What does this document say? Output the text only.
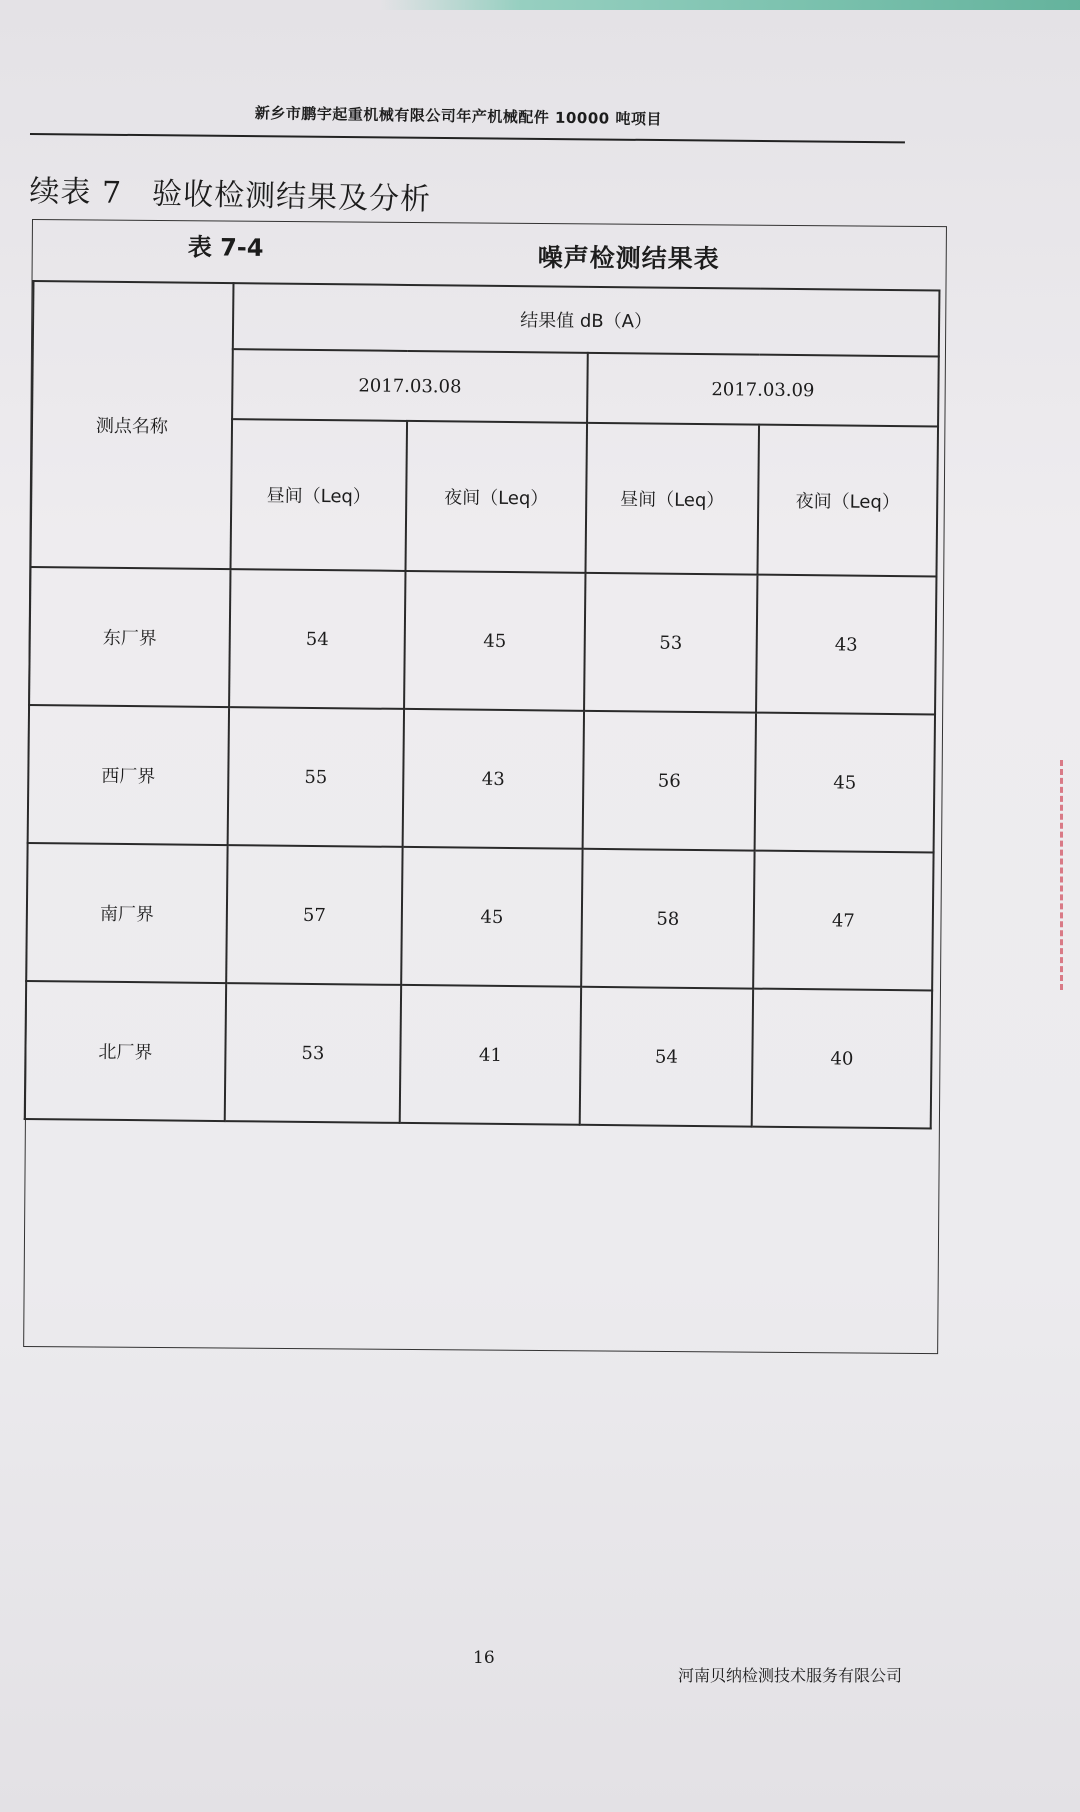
新乡市鹏宇起重机械有限公司年产机械配件 10000 吨项目
续表 7 验收检测结果及分析
表 7-4	噪声检测结果表
测点名称	结果值 dB（A）			
	2017.03.08		2017.03.09	
	昼间（Leq）	夜间（Leq）	昼间（Leq）	夜间（Leq）
东厂界	54	45	53	43
西厂界	55	43	56	45
南厂界	57	45	58	47
北厂界	53	41	54	40
16
河南贝纳检测技术服务有限公司
